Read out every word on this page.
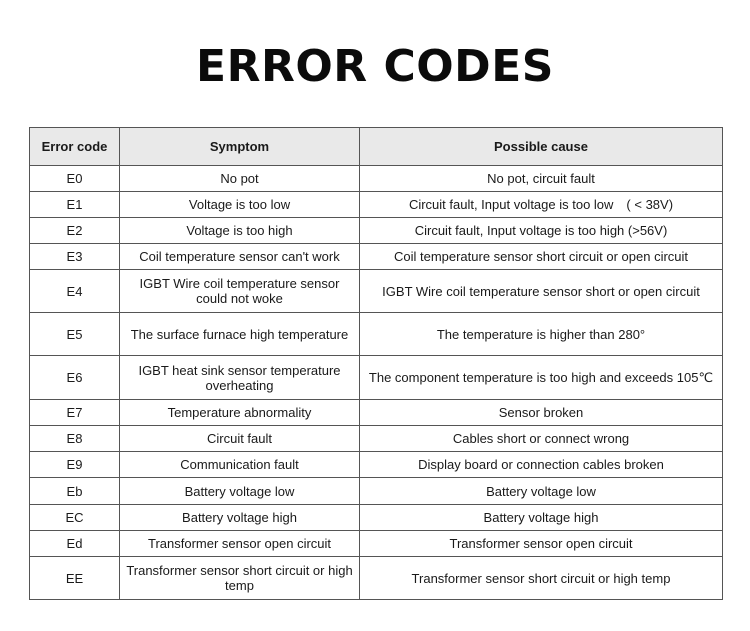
ERROR CODES
Error code	Symptom	Possible cause
E0	No pot	No pot, circuit fault
E1	Voltage is too low	Circuit fault, Input voltage is too low　( < 38V)
E2	Voltage is too high	Circuit fault, Input voltage is too high (>56V)
E3	Coil temperature sensor can't work	Coil temperature sensor short circuit or open circuit
E4	IGBT Wire coil temperature sensor could not woke	IGBT Wire coil temperature sensor short or open circuit
E5	The surface furnace high temperature	The temperature is higher than 280°
E6	IGBT heat sink sensor temperature overheating	The component temperature is too high and exceeds 105℃
E7	Temperature abnormality	Sensor broken
E8	Circuit fault	Cables short or connect wrong
E9	Communication fault	Display board or connection cables broken
Eb	Battery voltage low	Battery voltage low
EC	Battery voltage high	Battery voltage high
Ed	Transformer sensor open circuit	Transformer sensor open circuit
EE	Transformer sensor short circuit or high temp	Transformer sensor short circuit or high temp
